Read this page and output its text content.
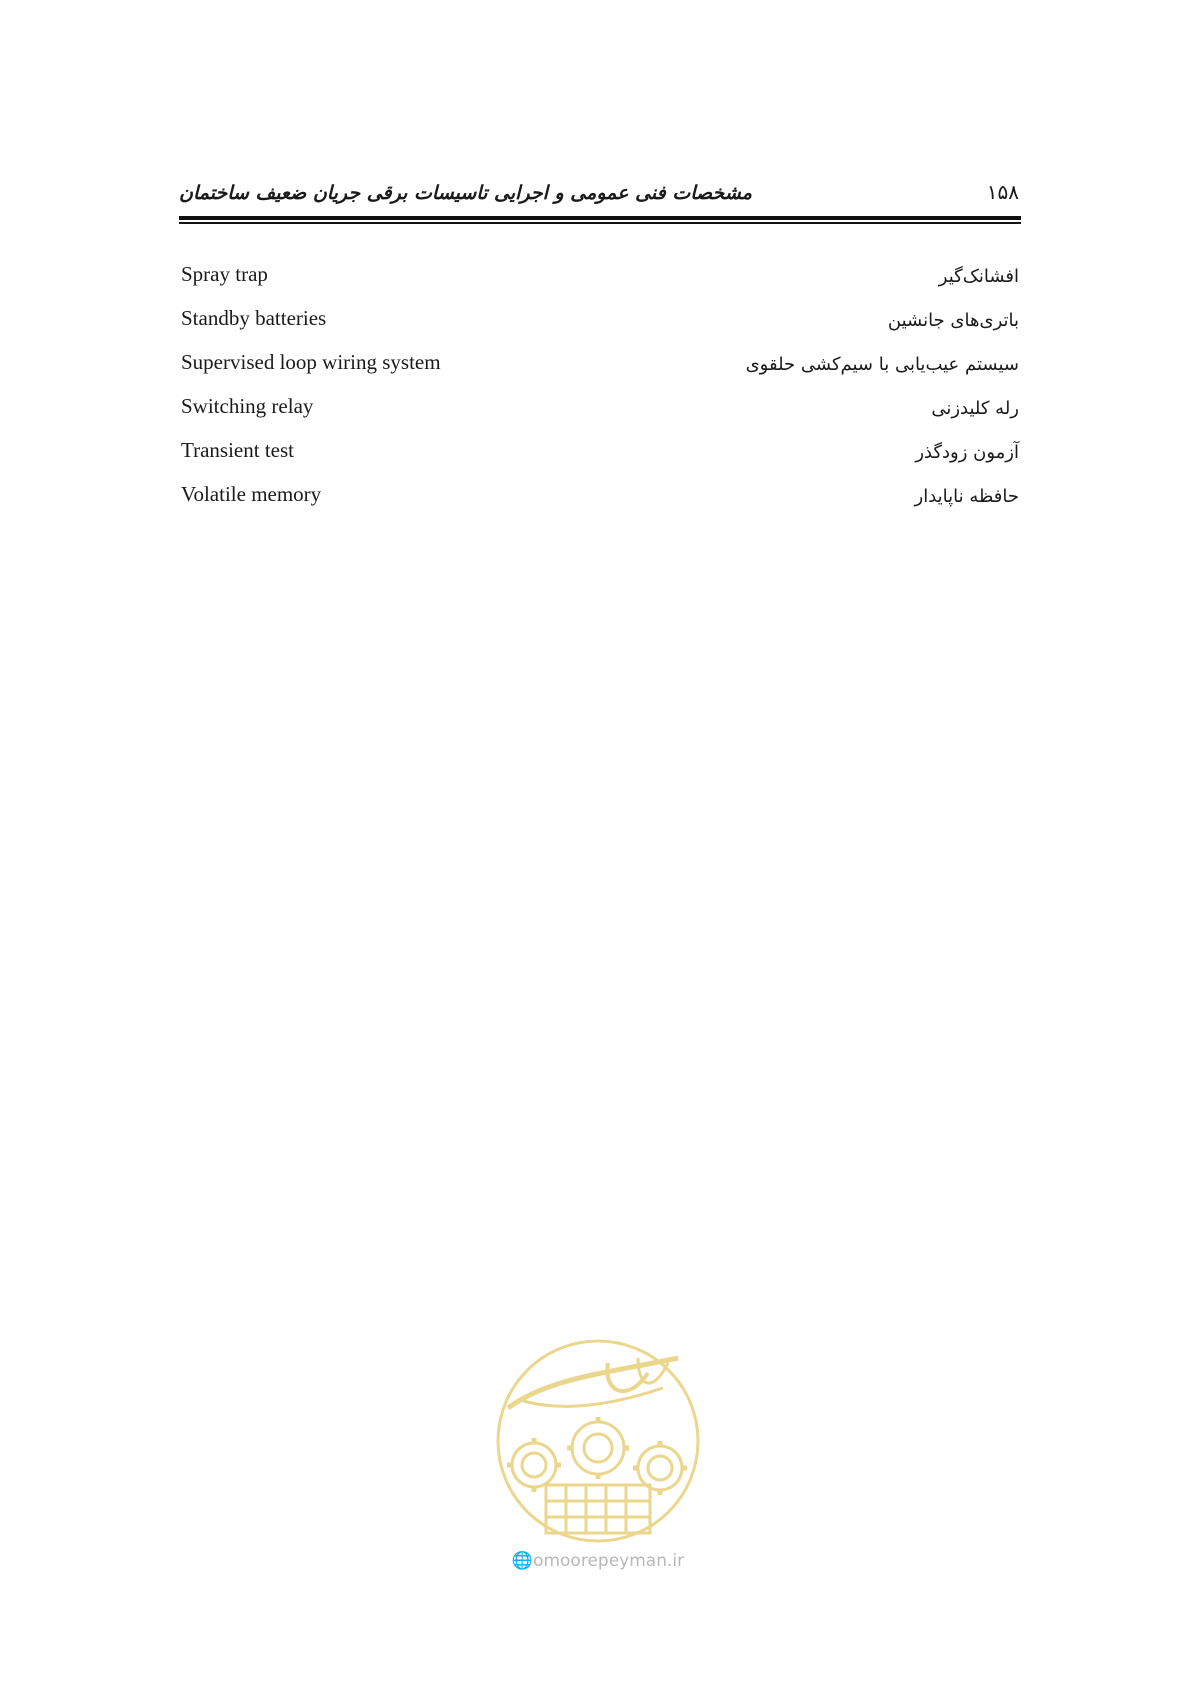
مشخصات فنی عمومی و اجرایی تاسیسات برقی جریان ضعیف ساختمان	۱۵۸
Spray trap	افشانک‌گیر
Standby batteries	باتری‌های جانشین
Supervised loop wiring system	سیستم عیب‌یابی با سیم‌کشی حلقوی
Switching relay	رله کلیدزنی
Transient test	آزمون زودگذر
Volatile memory	حافظه ناپایدار
🌐omoorepeyman.ir
